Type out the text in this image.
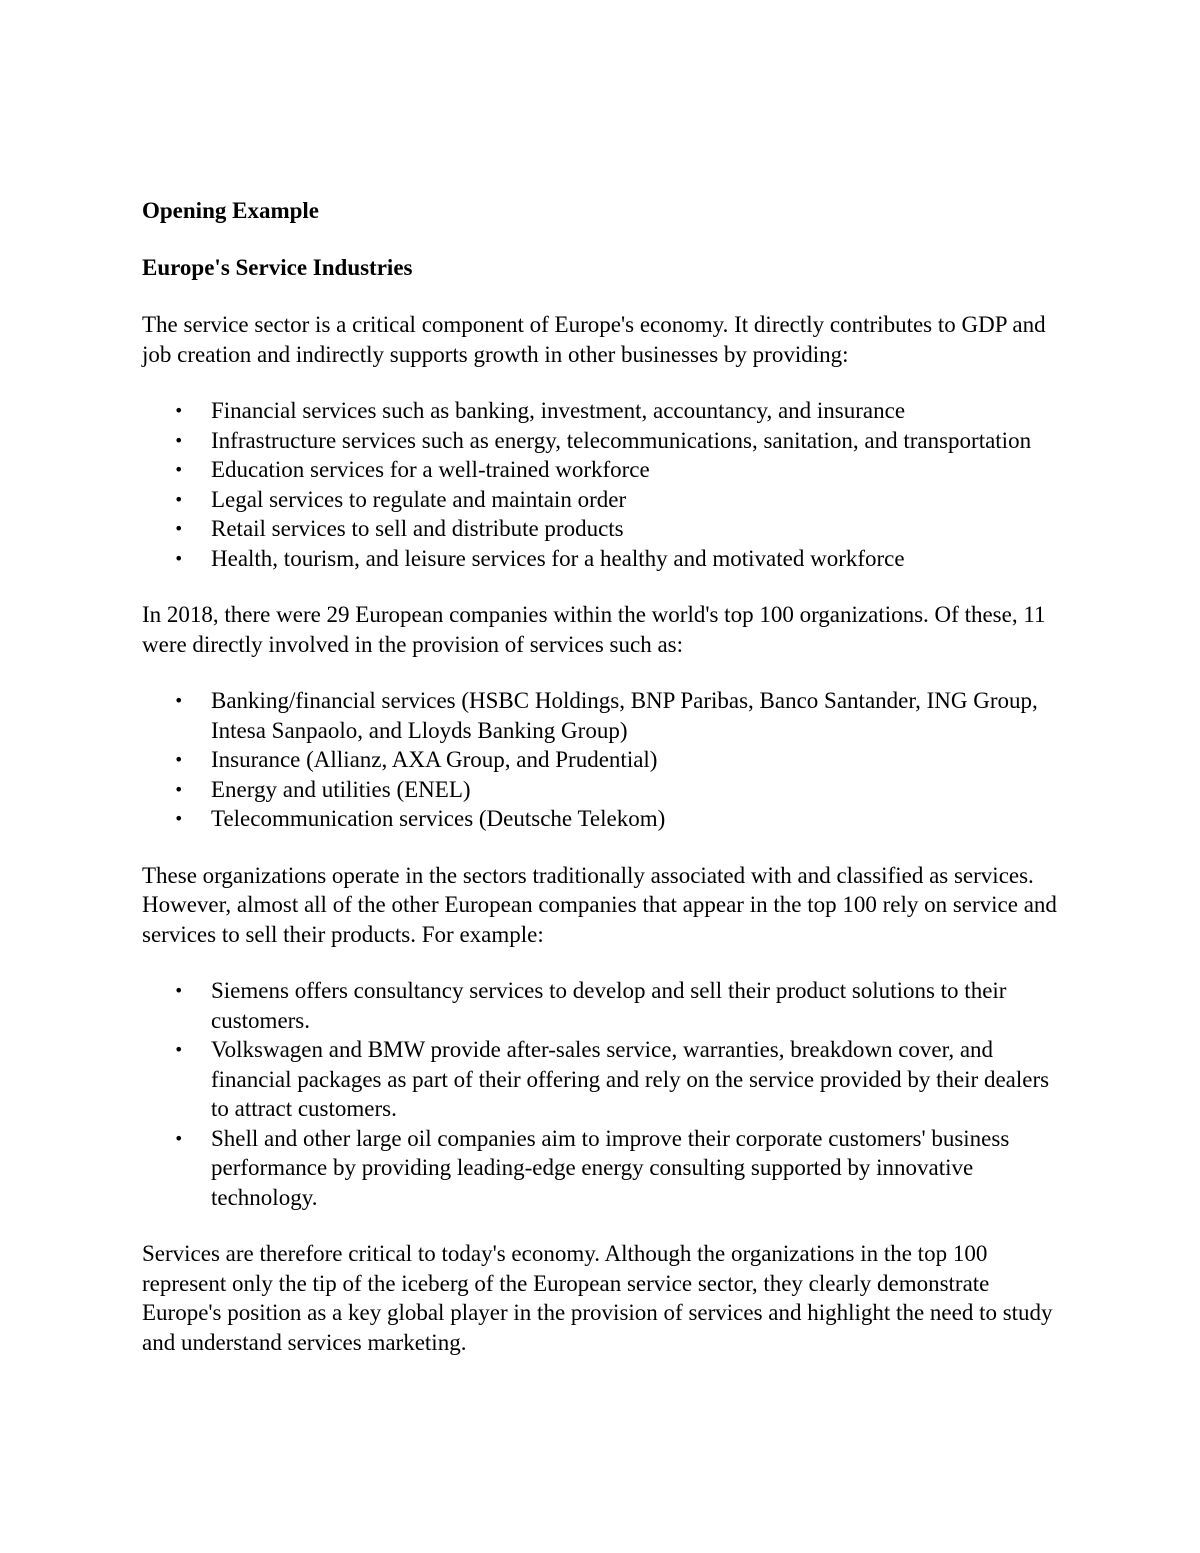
Opening Example

Europe's Service Industries

The service sector is a critical component of Europe's economy. It directly contributes to GDP and job creation and indirectly supports growth in other businesses by providing:

• Financial services such as banking, investment, accountancy, and insurance
• Infrastructure services such as energy, telecommunications, sanitation, and transportation
• Education services for a well-trained workforce
• Legal services to regulate and maintain order
• Retail services to sell and distribute products
• Health, tourism, and leisure services for a healthy and motivated workforce

In 2018, there were 29 European companies within the world's top 100 organizations. Of these, 11 were directly involved in the provision of services such as:

• Banking/financial services (HSBC Holdings, BNP Paribas, Banco Santander, ING Group, Intesa Sanpaolo, and Lloyds Banking Group)
• Insurance (Allianz, AXA Group, and Prudential)
• Energy and utilities (ENEL)
• Telecommunication services (Deutsche Telekom)

These organizations operate in the sectors traditionally associated with and classified as services. However, almost all of the other European companies that appear in the top 100 rely on service and services to sell their products. For example:

• Siemens offers consultancy services to develop and sell their product solutions to their customers.
• Volkswagen and BMW provide after-sales service, warranties, breakdown cover, and financial packages as part of their offering and rely on the service provided by their dealers to attract customers.
• Shell and other large oil companies aim to improve their corporate customers' business performance by providing leading-edge energy consulting supported by innovative technology.

Services are therefore critical to today's economy. Although the organizations in the top 100 represent only the tip of the iceberg of the European service sector, they clearly demonstrate Europe's position as a key global player in the provision of services and highlight the need to study and understand services marketing.
